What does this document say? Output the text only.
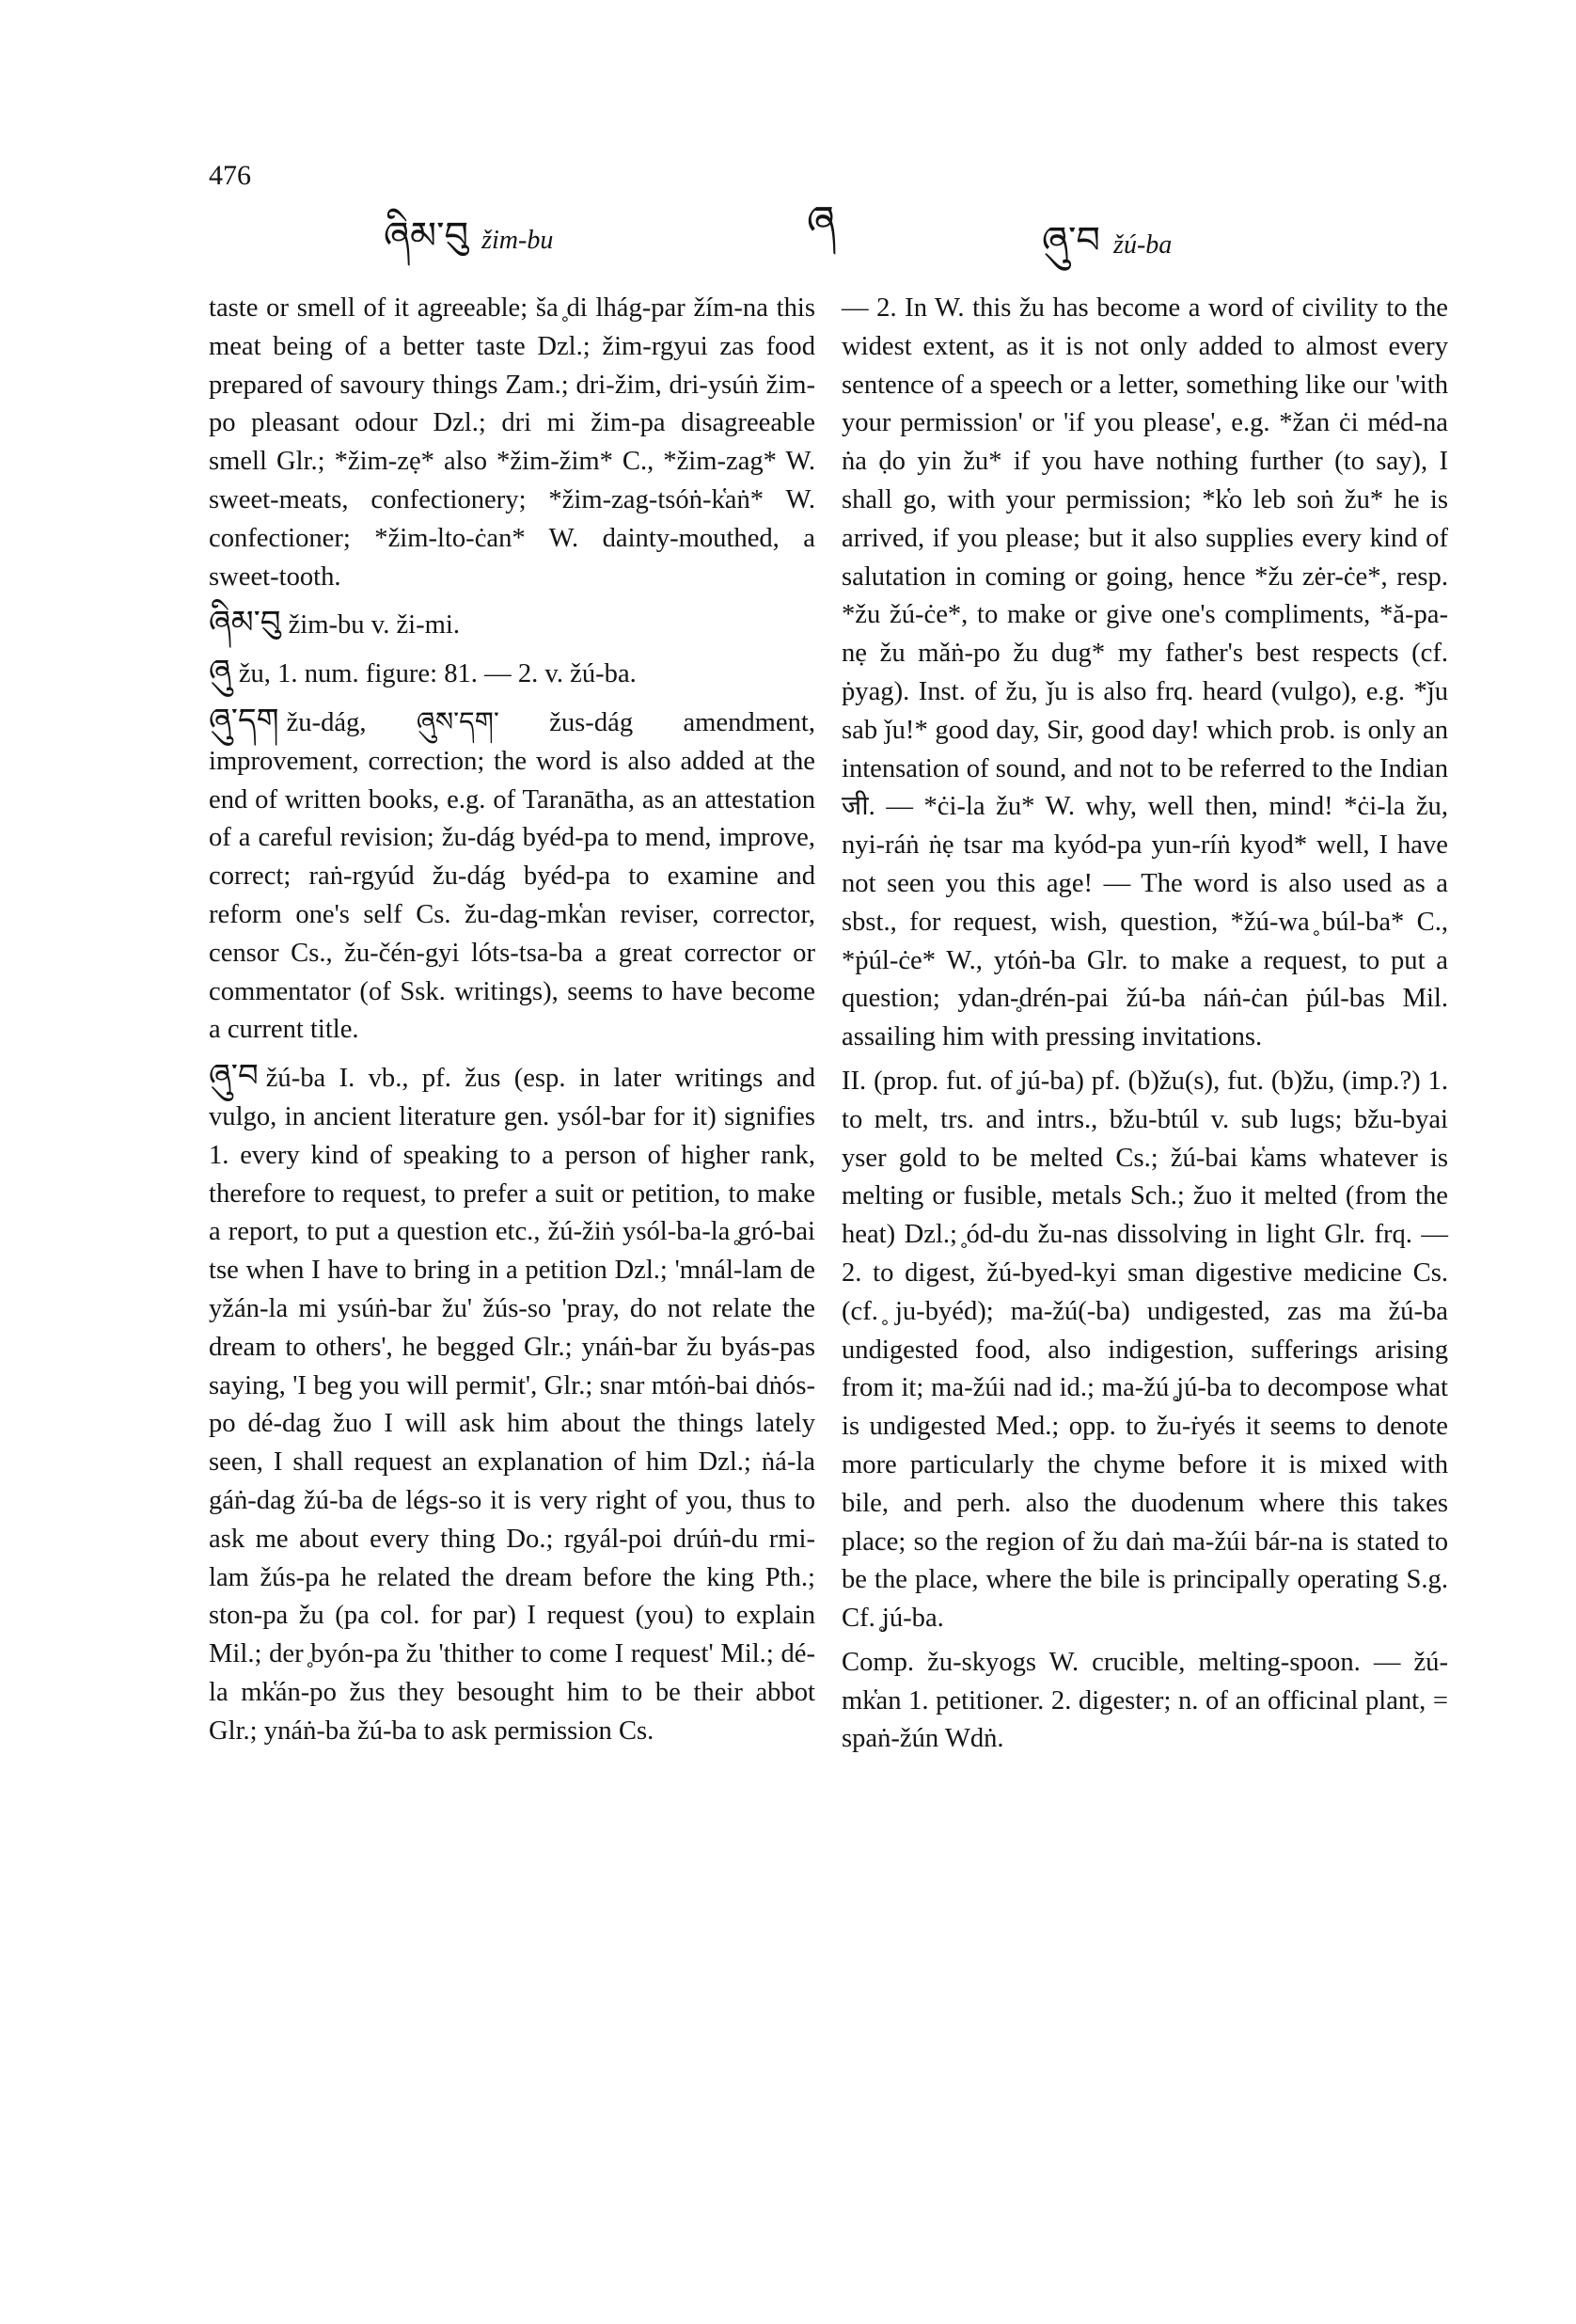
476
ཞིམ་བུ žim-bu	ཞ	ཞུ་བ žú-ba

taste or smell of it agreeable; ša ̥di lhág-par žím-na this meat being of a better taste Dzl.; žim-rgyui zas food prepared of savoury things Zam.; dri-žim, dri-ysúṅ žim-po pleasant odour Dzl.; dri mi žim-pa disagreeable smell Glr.; *žim-zẹ* also *žim-žim* C., *žim-zag* W. sweet-meats, confectionery; *žim-zag-tsóṅ-k̔aṅ* W. confectioner; *žim-lto-ċan* W. dainty-mouthed, a sweet-tooth.

ཞིམ་བུ žim-bu v. ži-mi.

ཞུ žu, 1. num. figure: 81. — 2. v. žú-ba.

ཞུ་དག žu-dág, ཞུས་དག་ žus-dág amendment, improvement, correction; the word is also added at the end of written books, e.g. of Taranātha, as an attestation of a careful revision; žu-dág byéd-pa to mend, improve, correct; raṅ-rgyúd žu-dág byéd-pa to examine and reform one's self Cs. žu-dag-mk̔an reviser, corrector, censor Cs., žu-čén-gyi lóts-tsa-ba a great corrector or commentator (of Ssk. writings), seems to have become a current title.

ཞུ་བ žú-ba I. vb., pf. žus (esp. in later writings and vulgo, in ancient literature gen. ysól-bar for it) signifies 1. every kind of speaking to a person of higher rank, therefore to request, to prefer a suit or petition, to make a report, to put a question etc., žú-žiṅ ysól-ba-la ̥gró-bai tse when I have to bring in a petition Dzl.; 'mnál-lam de yžán-la mi ysúṅ-bar žu' žús-so 'pray, do not relate the dream to others', he begged Glr.; ynáṅ-bar žu byás-pas saying, 'I beg you will permit', Glr.; snar mtóṅ-bai dṅós-po dé-dag žuo I will ask him about the things lately seen, I shall request an explanation of him Dzl.; ṅá-la gáṅ-dag žú-ba de légs-so it is very right of you, thus to ask me about every thing Do.; rgyál-poi drúṅ-du rmi-lam žús-pa he related the dream before the king Pth.; ston-pa žu (pa col. for par) I request (you) to explain Mil.; der ̥byón-pa žu 'thither to come I request' Mil.; dé-la mk̔án-po žus they besought him to be their abbot Glr.; ynáṅ-ba žú-ba to ask permission Cs.

— 2. In W. this žu has become a word of civility to the widest extent, as it is not only added to almost every sentence of a speech or a letter, something like our 'with your permission' or 'if you please', e.g. *žan ċi méd-na ṅa ḍo yin žu* if you have nothing further (to say), I shall go, with your permission; *k̔o leb soṅ žu* he is arrived, if you please; but it also supplies every kind of salutation in coming or going, hence *žu zėr-ċe*, resp. *žu žú-ċe*, to make or give one's compliments, *ă-pa-nẹ žu mǎṅ-po žu dug* my father's best respects (cf. ṗyag). Inst. of žu, ǰu is also frq. heard (vulgo), e.g. *ǰu sab ǰu!* good day, Sir, good day! which prob. is only an intensation of sound, and not to be referred to the Indian जी. — *ċi-la žu* W. why, well then, mind! *ċi-la žu, nyi-ráṅ ṅẹ tsar ma kyód-pa yun-ríṅ kyod* well, I have not seen you this age! — The word is also used as a sbst., for request, wish, question, *žú-wa ̥búl-ba* C., *ṗúl-ċe* W., ytóṅ-ba Glr. to make a request, to put a question; ydan-̥drén-pai žú-ba náṅ-ċan ṗúl-bas Mil. assailing him with pressing invitations.

II. (prop. fut. of ̥jú-ba) pf. (b)žu(s), fut. (b)žu, (imp.?) 1. to melt, trs. and intrs., bžu-btúl v. sub lugs; bžu-byai yser gold to be melted Cs.; žú-bai k̔ams whatever is melting or fusible, metals Sch.; žuo it melted (from the heat) Dzl.; ̥ód-du žu-nas dissolving in light Glr. frq. — 2. to digest, žú-byed-kyi sman digestive medicine Cs. (cf. ̥ju-byéd); ma-žú(-ba) undigested, zas ma žú-ba undigested food, also indigestion, sufferings arising from it; ma-žúi nad id.; ma-žú ̥jú-ba to decompose what is undigested Med.; opp. to žu-ṙyés it seems to denote more particularly the chyme before it is mixed with bile, and perh. also the duodenum where this takes place; so the region of žu daṅ ma-žúi bár-na is stated to be the place, where the bile is principally operating S.g. Cf. ̥jú-ba.

Comp. žu-skyogs W. crucible, melting-spoon. — žú-mk̔an 1. petitioner. 2. digester; n. of an officinal plant, = spaṅ-žún Wdṅ.
